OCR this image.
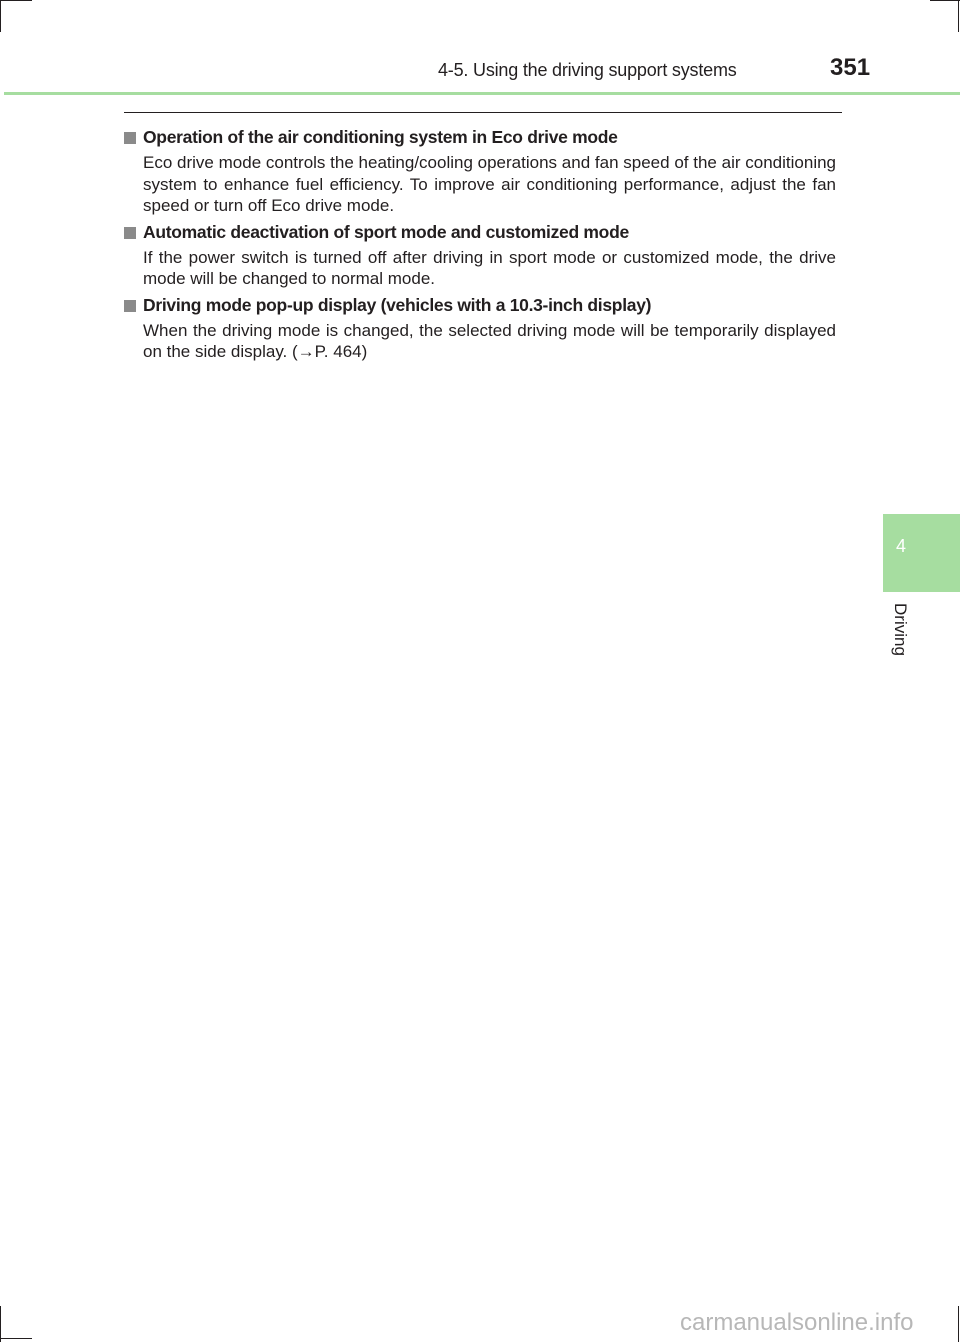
4-5. Using the driving support systems	351
Operation of the air conditioning system in Eco drive mode

Eco drive mode controls the heating/cooling operations and fan speed of the air conditioning system to enhance fuel efficiency. To improve air conditioning performance, adjust the fan speed or turn off Eco drive mode.

Automatic deactivation of sport mode and customized mode

If the power switch is turned off after driving in sport mode or customized mode, the drive mode will be changed to normal mode.

Driving mode pop-up display (vehicles with a 10.3-inch display)

When the driving mode is changed, the selected driving mode will be temporarily displayed on the side display. (→P. 464)

4
Driving
carmanualsonline.info
